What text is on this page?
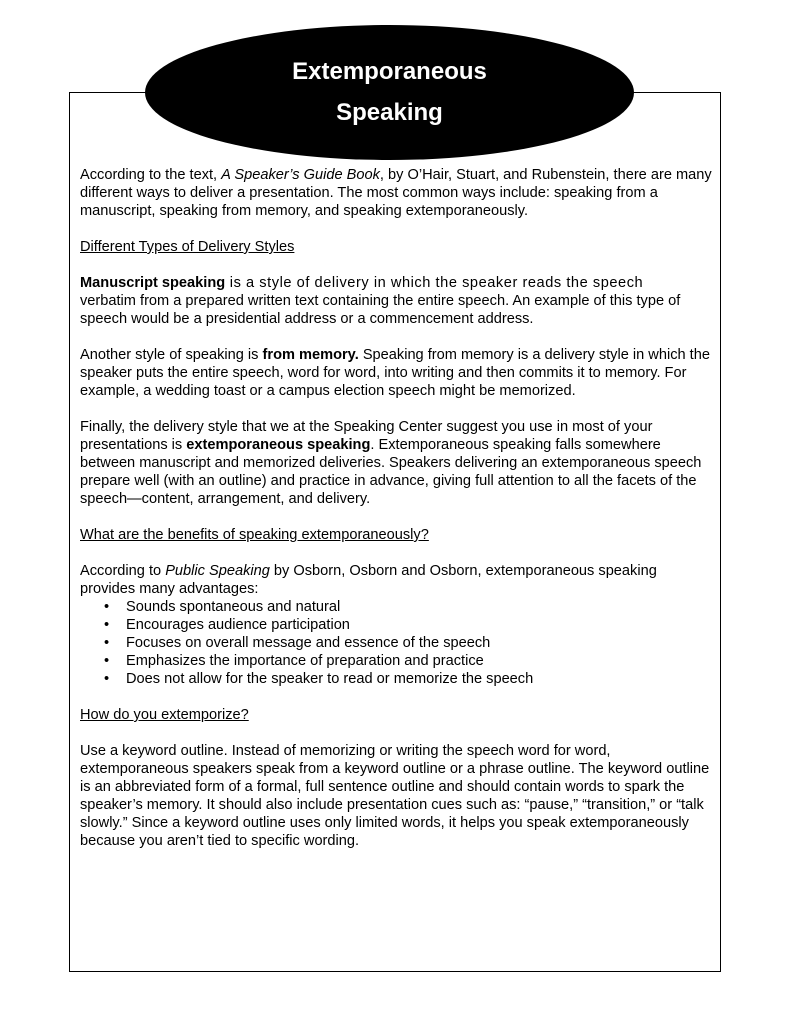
Extemporaneous
Speaking

According to the text, A Speaker’s Guide Book, by O’Hair, Stuart, and Rubenstein, there are many different ways to deliver a presentation. The most common ways include: speaking from a manuscript, speaking from memory, and speaking extemporaneously.

Different Types of Delivery Styles

Manuscript speaking is a style of delivery in which the speaker reads the speech
verbatim from a prepared written text containing the entire speech. An example of this type of speech would be a presidential address or a commencement address.

Another style of speaking is from memory. Speaking from memory is a delivery style in which the speaker puts the entire speech, word for word, into writing and then commits it to memory. For example, a wedding toast or a campus election speech might be memorized.

Finally, the delivery style that we at the Speaking Center suggest you use in most of your presentations is extemporaneous speaking. Extemporaneous speaking falls somewhere between manuscript and memorized deliveries. Speakers delivering an extemporaneous speech prepare well (with an outline) and practice in advance, giving full attention to all the facets of the speech—content, arrangement, and delivery.

What are the benefits of speaking extemporaneously?

According to Public Speaking by Osborn, Osborn and Osborn, extemporaneous speaking provides many advantages:

• Sounds spontaneous and natural
• Encourages audience participation
• Focuses on overall message and essence of the speech
• Emphasizes the importance of preparation and practice
• Does not allow for the speaker to read or memorize the speech

How do you extemporize?

Use a keyword outline. Instead of memorizing or writing the speech word for word, extemporaneous speakers speak from a keyword outline or a phrase outline. The keyword outline is an abbreviated form of a formal, full sentence outline and should contain words to spark the speaker’s memory. It should also include presentation cues such as: “pause,” “transition,” or “talk slowly.” Since a keyword outline uses only limited words, it helps you speak extemporaneously because you aren’t tied to specific wording.
